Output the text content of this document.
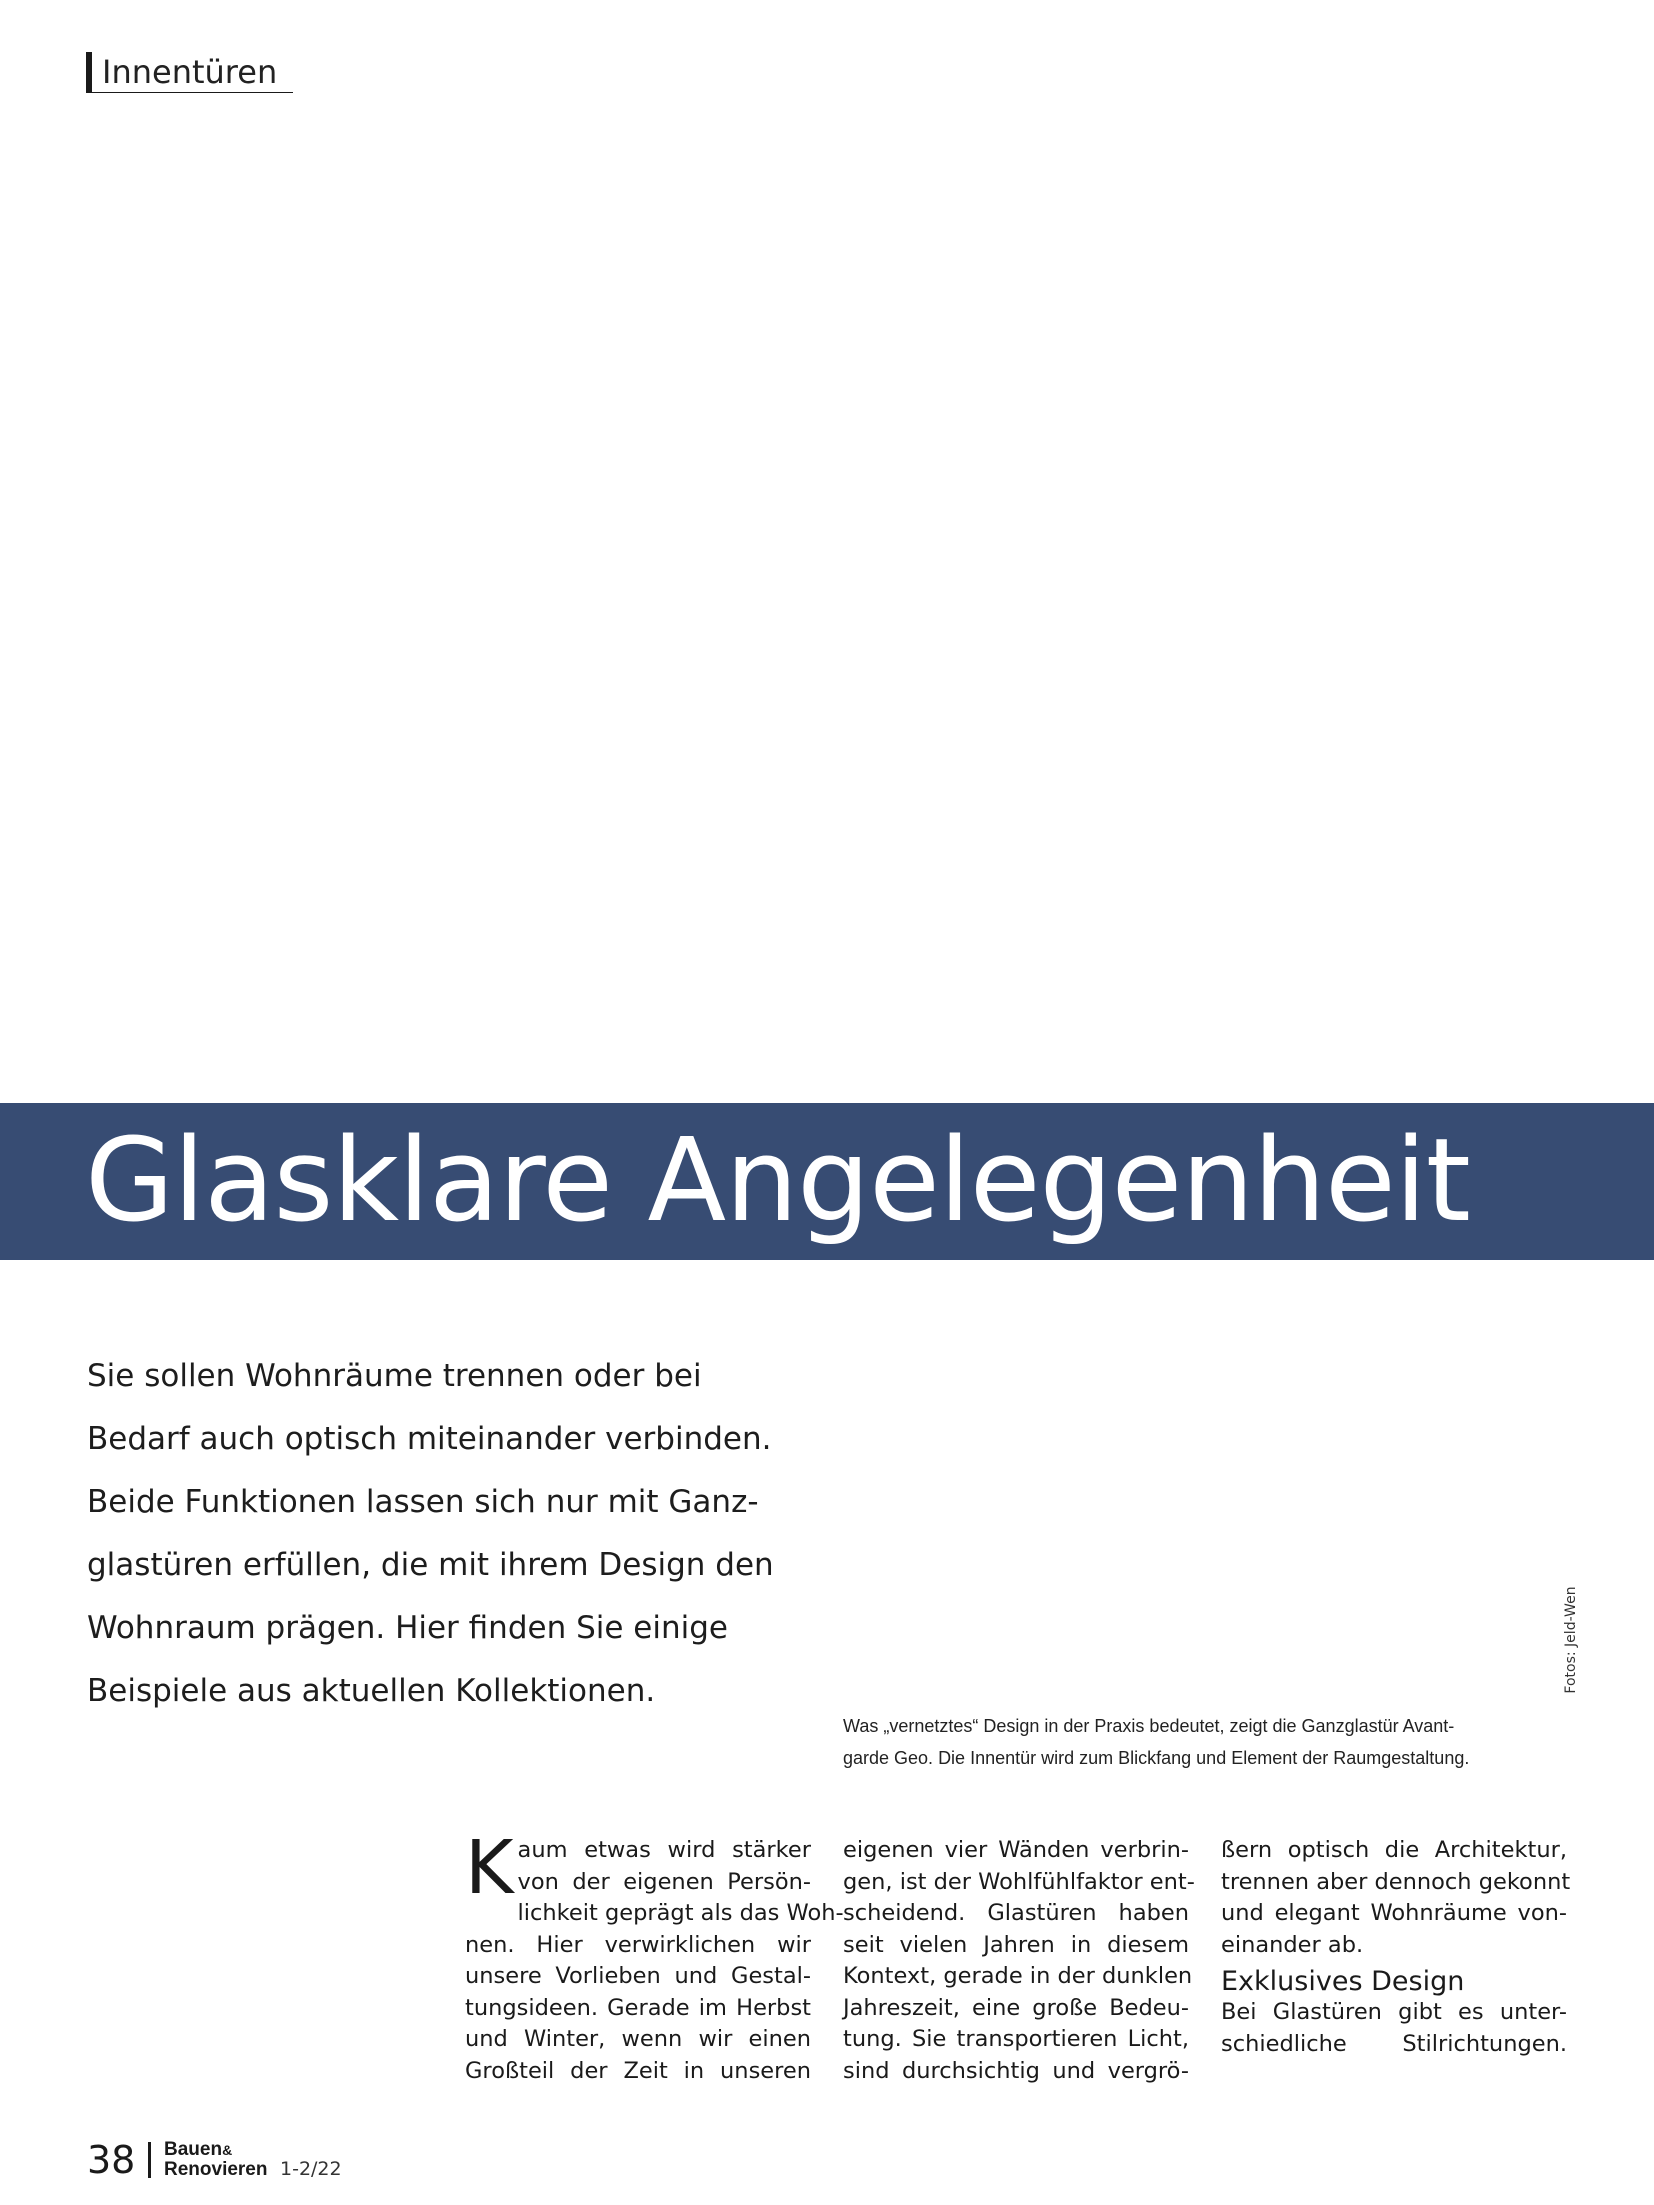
Innentüren
Glasklare Angelegenheit
Sie sollen Wohnräume trennen oder bei
Bedarf auch optisch miteinander verbinden.
Beide Funktionen lassen sich nur mit Ganz-
glastüren erfüllen, die mit ihrem Design den
Wohnraum prägen. Hier finden Sie einige
Beispiele aus aktuellen Kollektionen.	Fotos: Jeld-Wen
Was „vernetztes“ Design in der Praxis bedeutet, zeigt die Ganzglastür Avant-
garde Geo. Die Innentür wird zum Blickfang und Element der Raumgestaltung.
K aum etwas wird stärker
von der eigenen Persön-
lichkeit geprägt als das Woh-
nen. Hier verwirklichen wir
unsere Vorlieben und Gestal-
tungsideen. Gerade im Herbst
und Winter, wenn wir einen
Großteil der Zeit in unseren
eigenen vier Wänden verbrin-
gen, ist der Wohlfühlfaktor ent-
scheidend. Glastüren haben
seit vielen Jahren in diesem
Kontext, gerade in der dunklen
Jahreszeit, eine große Bedeu-
tung. Sie transportieren Licht,
sind durchsichtig und vergrö-
ßern optisch die Architektur,
trennen aber dennoch gekonnt
und elegant Wohnräume von-
einander ab.
Exklusives Design
Bei Glastüren gibt es unter-
schiedliche Stilrichtungen.
38 Bauen&
Renovieren 1-2/22
